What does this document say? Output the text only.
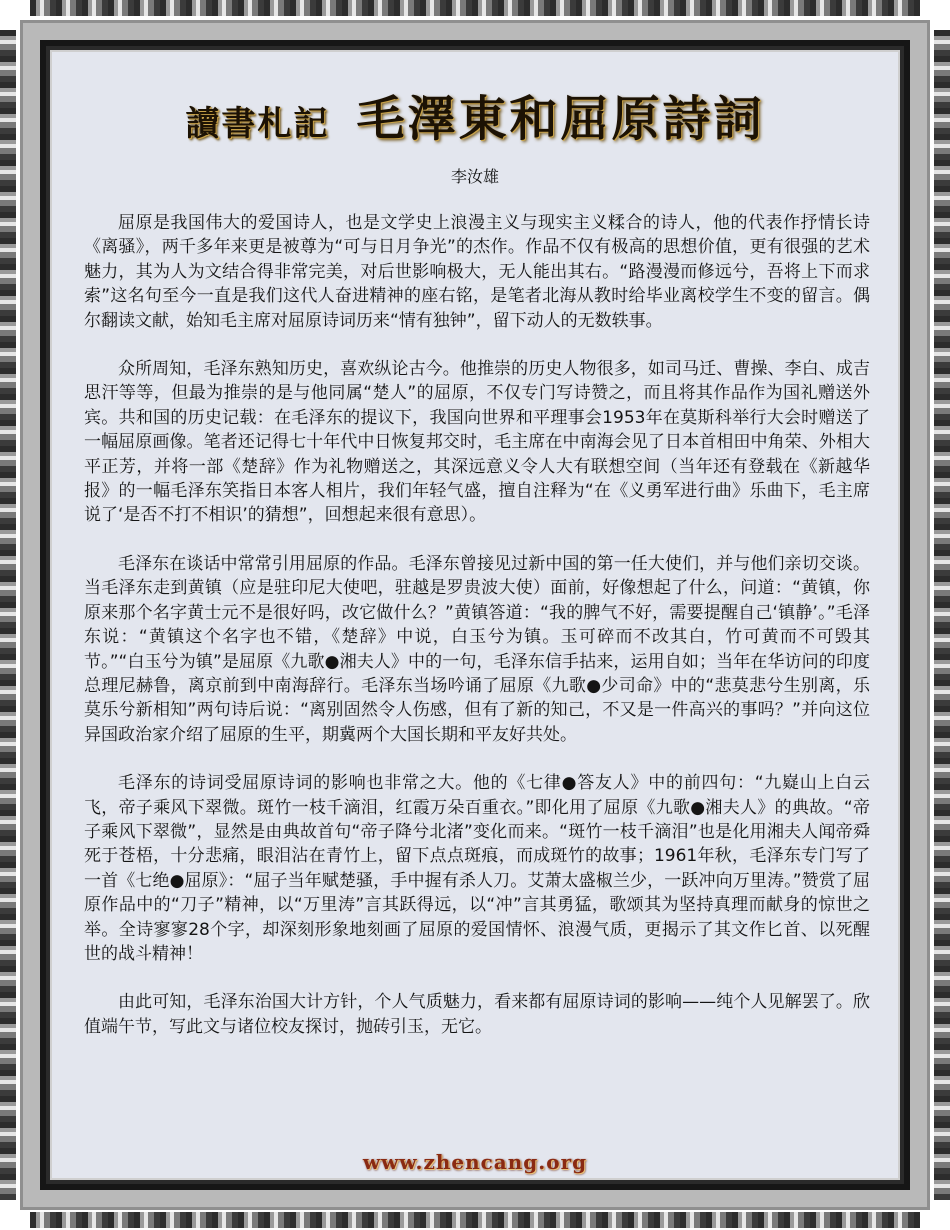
讀書札記 毛澤東和屈原詩詞
李汝雄

屈原是我国伟大的爱国诗人，也是文学史上浪漫主义与现实主义糅合的诗人，他的代表作抒情长诗《离骚》，两千多年来更是被尊为“可与日月争光”的杰作。作品不仅有极高的思想价值，更有很强的艺术魅力，其为人为文结合得非常完美，对后世影响极大，无人能出其右。“路漫漫而修远兮，吾将上下而求索”这名句至今一直是我们这代人奋进精神的座右铭，是笔者北海从教时给毕业离校学生不变的留言。偶尔翻读文献，始知毛主席对屈原诗词历来“情有独钟”，留下动人的无数轶事。

众所周知，毛泽东熟知历史，喜欢纵论古今。他推崇的历史人物很多，如司马迁、曹操、李白、成吉思汗等等，但最为推崇的是与他同属“楚人”的屈原，不仅专门写诗赞之，而且将其作品作为国礼赠送外宾。共和国的历史记载：在毛泽东的提议下，我国向世界和平理事会1953年在莫斯科举行大会时赠送了一幅屈原画像。笔者还记得七十年代中日恢复邦交时，毛主席在中南海会见了日本首相田中角荣、外相大平正芳，并将一部《楚辞》作为礼物赠送之，其深远意义令人大有联想空间（当年还有登载在《新越华报》的一幅毛泽东笑指日本客人相片，我们年轻气盛，擅自注释为“在《义勇军进行曲》乐曲下，毛主席说了‘是否不打不相识’的猜想”，回想起来很有意思）。

毛泽东在谈话中常常引用屈原的作品。毛泽东曾接见过新中国的第一任大使们，并与他们亲切交谈。当毛泽东走到黄镇（应是驻印尼大使吧，驻越是罗贵波大使）面前，好像想起了什么，问道：“黄镇，你原来那个名字黄士元不是很好吗，改它做什么？”黄镇答道：“我的脾气不好，需要提醒自己‘镇静’。”毛泽东说：“黄镇这个名字也不错，《楚辞》中说，白玉兮为镇。玉可碎而不改其白，竹可黄而不可毁其节。”“白玉兮为镇”是屈原《九歌●湘夫人》中的一句，毛泽东信手拈来，运用自如；当年在华访问的印度总理尼赫鲁，离京前到中南海辞行。毛泽东当场吟诵了屈原《九歌●少司命》中的“悲莫悲兮生别离，乐莫乐兮新相知”两句诗后说：“离别固然令人伤感，但有了新的知己，不又是一件高兴的事吗？”并向这位异国政治家介绍了屈原的生平，期冀两个大国长期和平友好共处。

毛泽东的诗词受屈原诗词的影响也非常之大。他的《七律●答友人》中的前四句：“九嶷山上白云飞，帝子乘风下翠微。斑竹一枝千滴泪，红霞万朵百重衣。”即化用了屈原《九歌●湘夫人》的典故。“帝子乘风下翠微”，显然是由典故首句“帝子降兮北渚”变化而来。“斑竹一枝千滴泪”也是化用湘夫人闻帝舜死于苍梧，十分悲痛，眼泪沾在青竹上，留下点点斑痕，而成斑竹的故事；1961年秋，毛泽东专门写了一首《七绝●屈原》：“屈子当年赋楚骚，手中握有杀人刀。艾萧太盛椒兰少，一跃冲向万里涛。”赞赏了屈原作品中的“刀子”精神，以“万里涛”言其跃得远，以“冲”言其勇猛，歌颂其为坚持真理而献身的惊世之举。全诗寥寥28个字，却深刻形象地刻画了屈原的爱国情怀、浪漫气质，更揭示了其文作匕首、以死醒世的战斗精神！

由此可知，毛泽东治国大计方针，个人气质魅力，看来都有屈原诗词的影响——纯个人见解罢了。欣值端午节，写此文与诸位校友探讨，抛砖引玉，无它。

www.zhencang.org
